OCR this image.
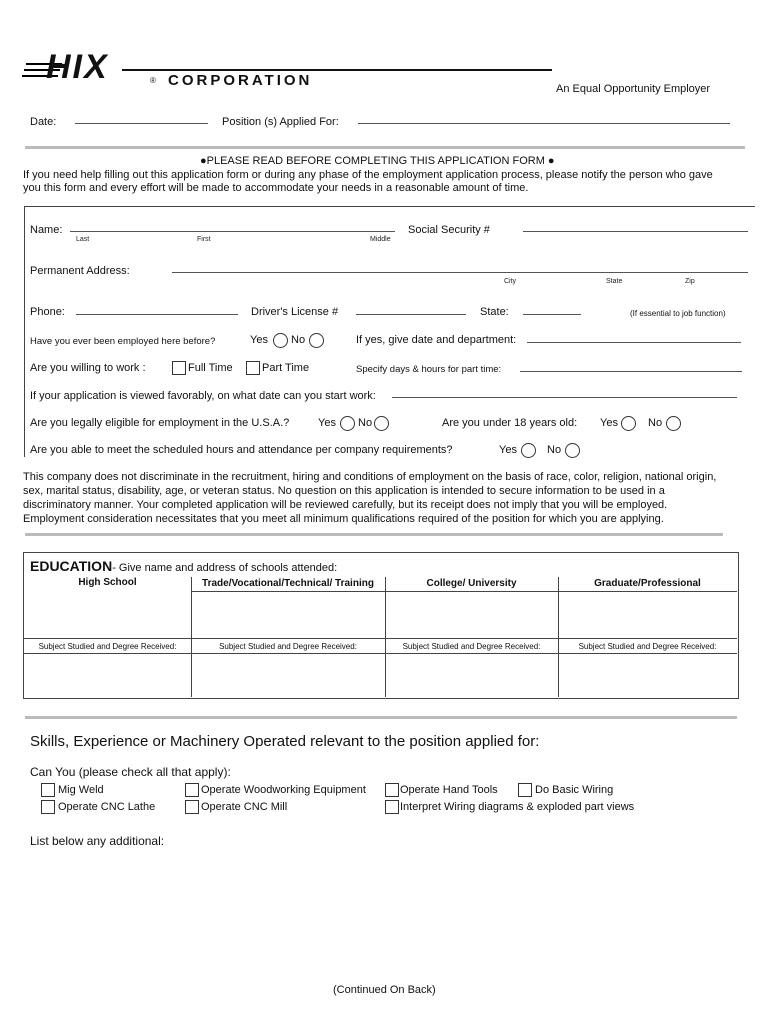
HIX	® CORPORATION	An Equal Opportunity Employer
Date:	Position (s) Applied For:
●PLEASE READ BEFORE COMPLETING THIS APPLICATION FORM ●
If you need help filling out this application form or during any phase of the employment application process, please notify the person who gave
you this form and every effort will be made to accommodate your needs in a reasonable amount of time.
Name:
Last	First	Middle
Social Security #
Permanent Address:
City	State	Zip
Phone:	Driver's License #	State:	(If essential to job function)
Have you ever been employed here before?	Yes No	If yes, give date and department:
Are you willing to work :	Full Time	Part Time	Specify days & hours for part time:
If your application is viewed favorably, on what date can you start work:
Are you legally eligible for employment in the U.S.A.?	Yes No	Are you under 18 years old: Yes	No
Are you able to meet the scheduled hours and attendance per company requirements?	Yes	No
This company does not discriminate in the recruitment, hiring and conditions of employment on the basis of race, color, religion, national origin,
sex, marital status, disability, age, or veteran status. No question on this application is intended to secure information to be used in a
discriminatory manner. Your completed application will be reviewed carefully, but its receipt does not imply that you will be employed.
Employment consideration necessitates that you meet all minimum qualifications required of the position for which you are applying.
EDUCATION- Give name and address of schools attended:
High School	Trade/Vocational/Technical/ Training	College/ University	Graduate/Professional
Subject Studied and Degree Received:	Subject Studied and Degree Received:	Subject Studied and Degree Received:	Subject Studied and Degree Received:
Skills, Experience or Machinery Operated relevant to the position applied for:
Can You (please check all that apply):
Mig Weld
Operate CNC Lathe
Operate Woodworking Equipment
Operate CNC Mill
Operate Hand Tools	Do Basic Wiring
Interpret Wiring diagrams & exploded part views
List below any additional:
(Continued On Back)
